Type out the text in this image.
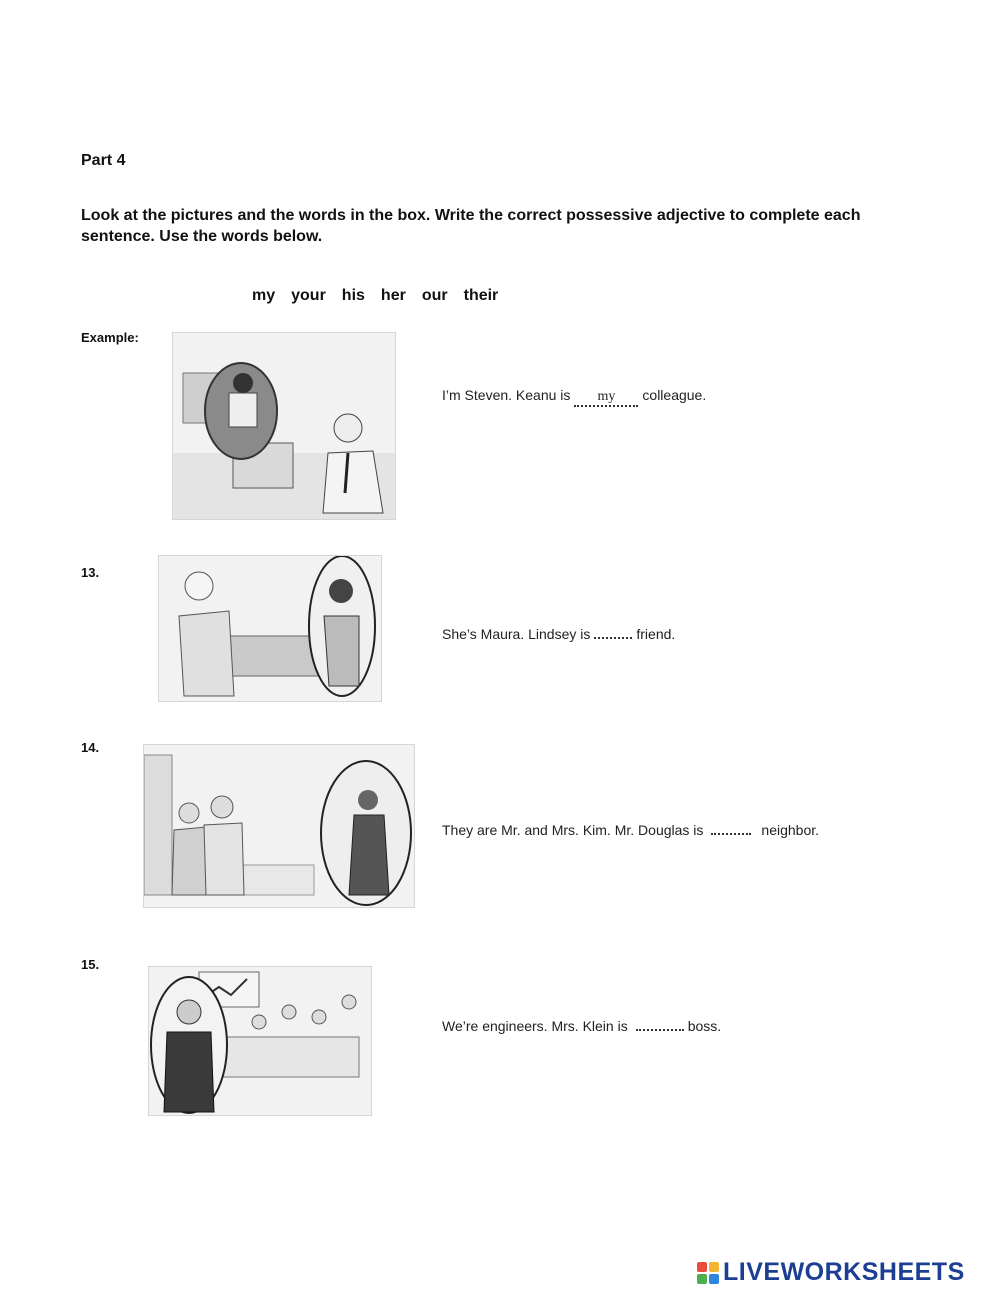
Part 4
Look at the pictures and the words in the box. Write the correct possessive adjective to complete each sentence. Use the words below.
my your his her our their
Example:
I’m Steven. Keanu is my colleague.
13.
She’s Maura. Lindsey is	friend.
14.
They are Mr. and Mrs. Kim. Mr. Douglas is	neighbor.
15.
We’re engineers. Mrs. Klein is	boss.
LIVEWORKSHEETS
